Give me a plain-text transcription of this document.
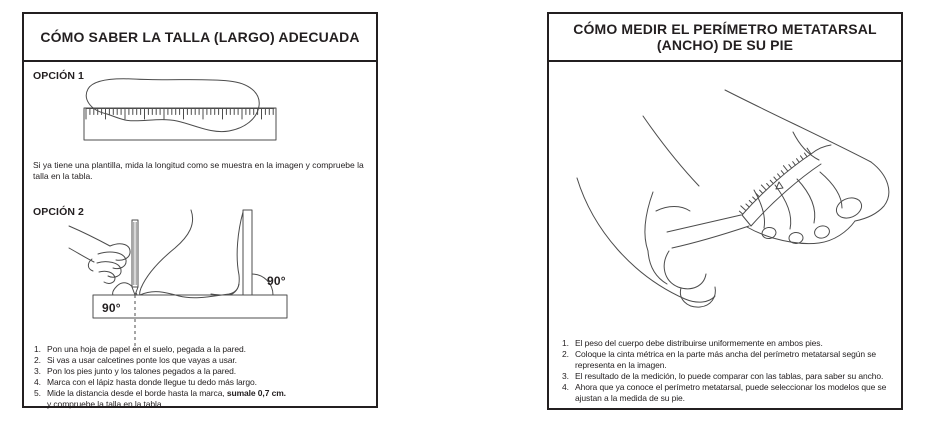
CÓMO SABER LA TALLA (LARGO) ADECUADA
OPCIÓN 1
Si ya tiene una plantilla, mida la longitud como se muestra en la imagen y compruebe la talla en la tabla.
OPCIÓN 2
90°
90°
Pon una hoja de papel en el suelo, pegada a la pared.
Si vas a usar calcetines ponte los que vayas a usar.
Pon los pies junto y los talones pegados a la pared.
Marca con el lápiz hasta donde llegue tu dedo más largo.
Mide la distancia desde el borde hasta la marca, sumale 0,7 cm.
y compruebe la talla en la tabla.
CÓMO MEDIR EL PERÍMETRO METATARSAL
(ANCHO) DE SU PIE
El peso del cuerpo debe distribuirse uniformemente en ambos pies.
Coloque la cinta métrica en la parte más ancha del perímetro metatarsal según se representa en la imagen.
El resultado de la medición, lo puede comparar con las tablas, para saber su ancho.
Ahora que ya conoce el perímetro metatarsal, puede seleccionar los modelos que se ajustan a la medida de su pie.
